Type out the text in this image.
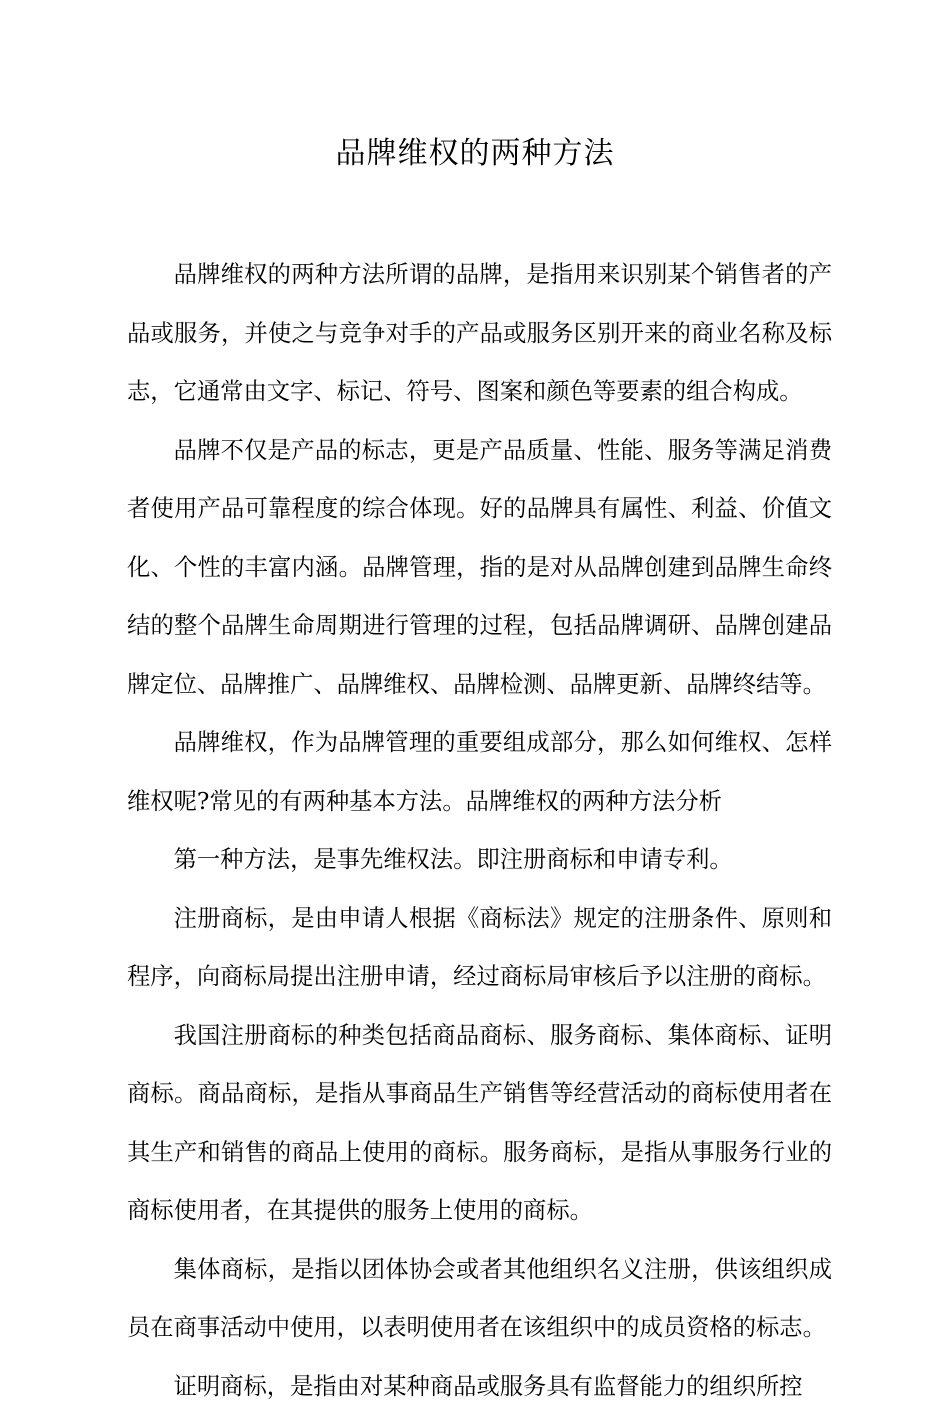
品牌维权的两种方法

品牌维权的两种方法所谓的品牌，是指用来识别某个销售者的产品或服务，并使之与竞争对手的产品或服务区别开来的商业名称及标志，它通常由文字、标记、符号、图案和颜色等要素的组合构成。

品牌不仅是产品的标志，更是产品质量、性能、服务等满足消费者使用产品可靠程度的综合体现。好的品牌具有属性、利益、价值文化、个性的丰富内涵。品牌管理，指的是对从品牌创建到品牌生命终结的整个品牌生命周期进行管理的过程，包括品牌调研、品牌创建品牌定位、品牌推广、品牌维权、品牌检测、品牌更新、品牌终结等。

品牌维权，作为品牌管理的重要组成部分，那么如何维权、怎样维权呢?常见的有两种基本方法。品牌维权的两种方法分析

第一种方法，是事先维权法。即注册商标和申请专利。

注册商标，是由申请人根据《商标法》规定的注册条件、原则和程序，向商标局提出注册申请，经过商标局审核后予以注册的商标。

我国注册商标的种类包括商品商标、服务商标、集体商标、证明商标。商品商标，是指从事商品生产销售等经营活动的商标使用者在其生产和销售的商品上使用的商标。服务商标，是指从事服务行业的商标使用者，在其提供的服务上使用的商标。

集体商标，是指以团体协会或者其他组织名义注册，供该组织成员在商事活动中使用，以表明使用者在该组织中的成员资格的标志。

证明商标，是指由对某种商品或服务具有监督能力的组织所控
